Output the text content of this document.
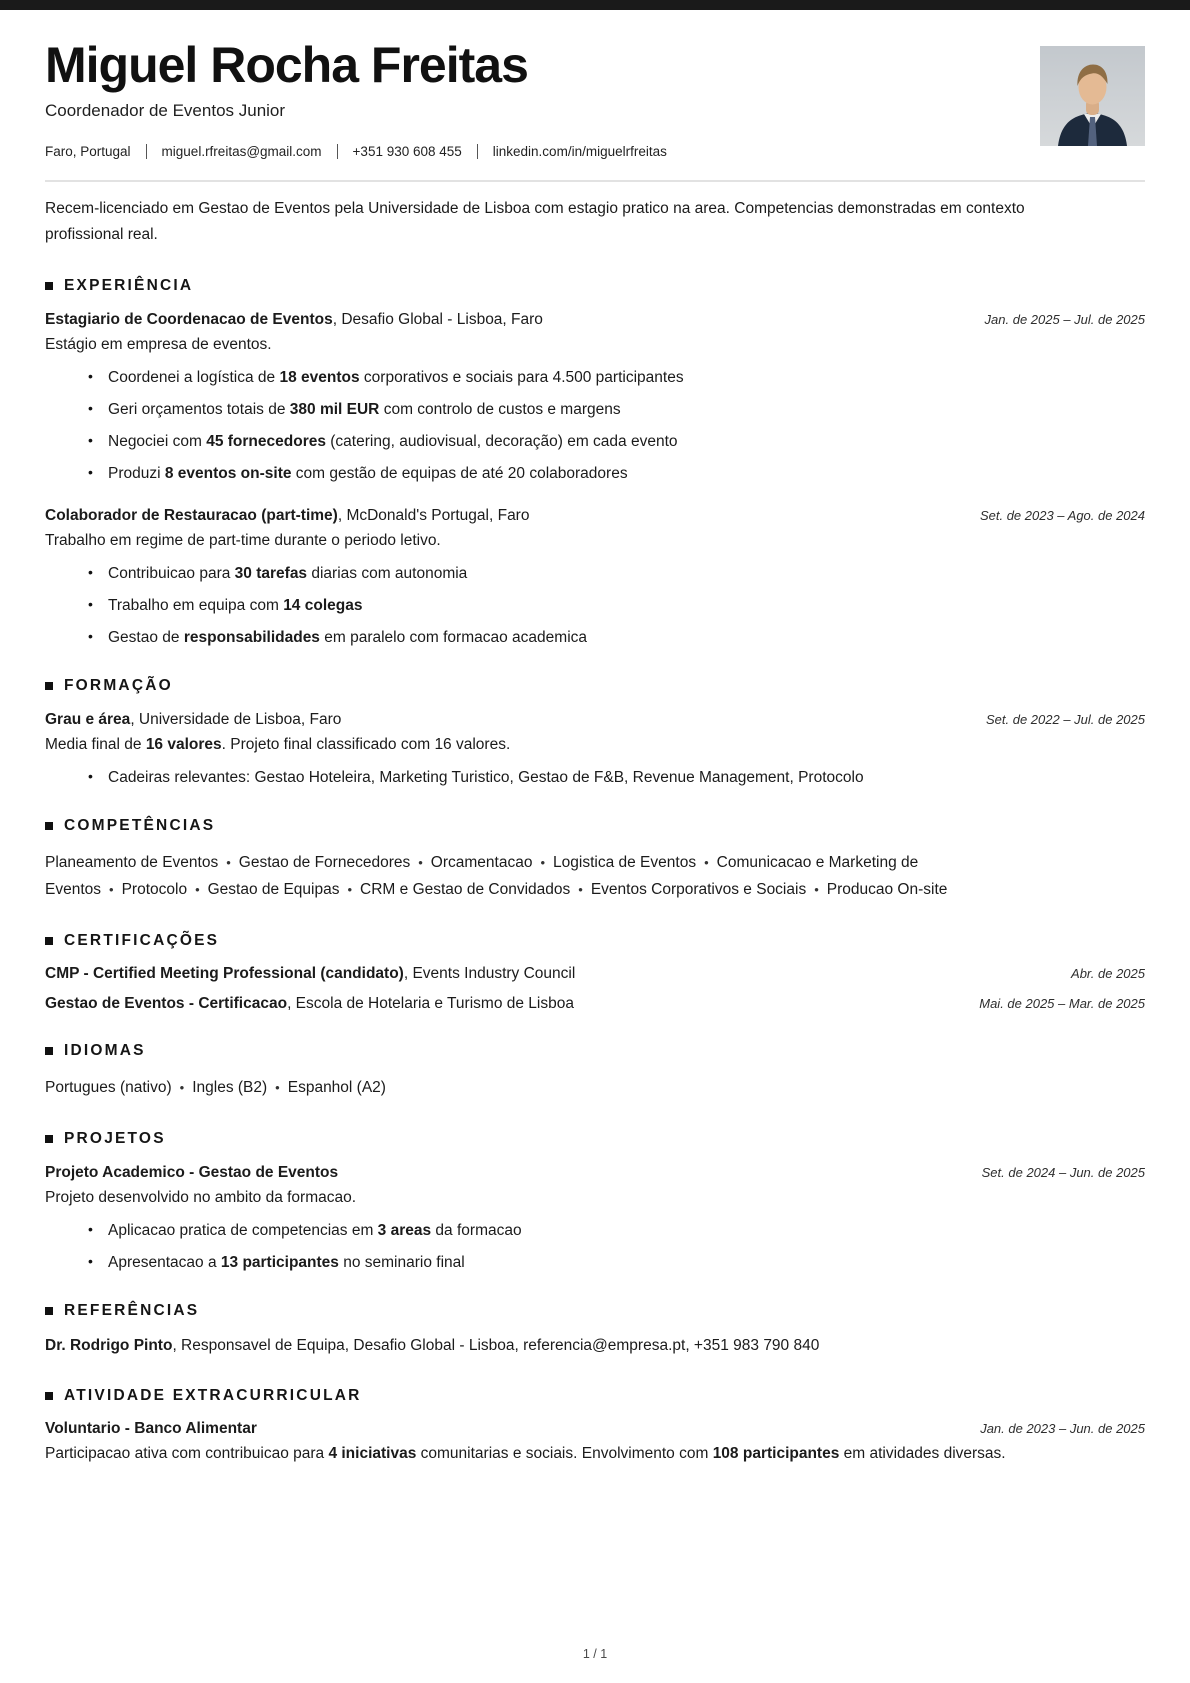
Miguel Rocha Freitas
Coordenador de Eventos Junior
Faro, Portugal miguel.rfreitas@gmail.com +351 930 608 455 linkedin.com/in/miguelrfreitas
Recem-licenciado em Gestao de Eventos pela Universidade de Lisboa com estagio pratico na area. Competencias demonstradas em contexto profissional real.
EXPERIÊNCIA
Estagiario de Coordenacao de Eventos, Desafio Global - Lisboa, Faro	Jan. de 2025 – Jul. de 2025
Estágio em empresa de eventos.
• Coordenei a logística de 18 eventos corporativos e sociais para 4.500 participantes
• Geri orçamentos totais de 380 mil EUR com controlo de custos e margens
• Negociei com 45 fornecedores (catering, audiovisual, decoração) em cada evento
• Produzi 8 eventos on-site com gestão de equipas de até 20 colaboradores
Colaborador de Restauracao (part-time), McDonald's Portugal, Faro	Set. de 2023 – Ago. de 2024
Trabalho em regime de part-time durante o periodo letivo.
• Contribuicao para 30 tarefas diarias com autonomia
• Trabalho em equipa com 14 colegas
• Gestao de responsabilidades em paralelo com formacao academica
FORMAÇÃO
Grau e área, Universidade de Lisboa, Faro	Set. de 2022 – Jul. de 2025
Media final de 16 valores. Projeto final classificado com 16 valores.
• Cadeiras relevantes: Gestao Hoteleira, Marketing Turistico, Gestao de F&B, Revenue Management, Protocolo
COMPETÊNCIAS
Planeamento de Eventos • Gestao de Fornecedores • Orcamentacao • Logistica de Eventos • Comunicacao e Marketing de Eventos • Protocolo • Gestao de Equipas • CRM e Gestao de Convidados • Eventos Corporativos e Sociais • Producao On-site
CERTIFICAÇÕES
CMP - Certified Meeting Professional (candidato), Events Industry Council	Abr. de 2025
Gestao de Eventos - Certificacao, Escola de Hotelaria e Turismo de Lisboa	Mai. de 2025 – Mar. de 2025
IDIOMAS
Portugues (nativo) • Ingles (B2) • Espanhol (A2)
PROJETOS
Projeto Academico - Gestao de Eventos	Set. de 2024 – Jun. de 2025
Projeto desenvolvido no ambito da formacao.
• Aplicacao pratica de competencias em 3 areas da formacao
• Apresentacao a 13 participantes no seminario final
REFERÊNCIAS
Dr. Rodrigo Pinto, Responsavel de Equipa, Desafio Global - Lisboa, referencia@empresa.pt, +351 983 790 840
ATIVIDADE EXTRACURRICULAR
Voluntario - Banco Alimentar	Jan. de 2023 – Jun. de 2025
Participacao ativa com contribuicao para 4 iniciativas comunitarias e sociais. Envolvimento com 108 participantes em atividades diversas.
1 / 1
